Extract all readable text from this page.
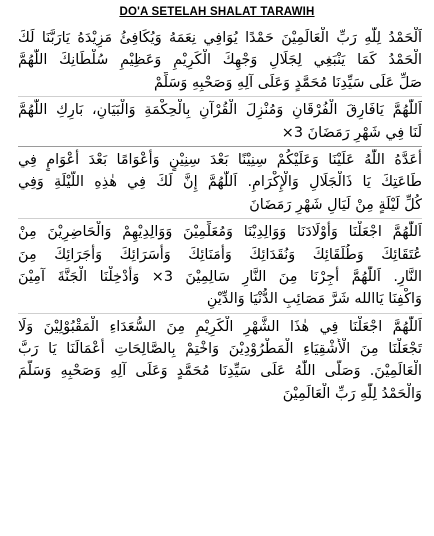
DO'A SETELAH SHALAT TARAWIH
اَلْحَمْدُ لِلّٰهِ رَبِّ الْعَالَمِيْنَ حَمْدًا يُوَافِي نِعَمَهُ وَيُكَافِئُ مَزِيْدَهُ يَارَبَّنَا لَكَ
الْحَمْدُ كَمَا يَنْبَغِي لِجَلَالِ وَجْهِكَ الْكَرِيْمِ وَعَظِيْمِ سُلْطَانِكَ اللّٰهُمَّ
صَلِّ عَلَى سَيِّدِنَا مُحَمَّدٍ وَعَلَى آلِهِ وَصَحْبِهِ وَسَلِّمْ
اَللّٰهُمَّ يَافَارِقَ الْفُرْقَانِ وَمُنْزِلَ الْقُرْآنِ بِالْحِكْمَةِ وَالْبَيَانِ، بَارِكِ اللّٰهُمَّ
لَنَا فِي شَهْرِ رَمَضَانَ 3×
أَعَدَّهُ اللّٰهُ عَلَيْنَا وَعَلَيْكُمْ سِنِيْنًا بَعْدَ سِنِيْنٍ وَأَعْوَامًا بَعْدَ أَعْوَامٍ فِي
طَاعَتِكَ يَا ذَالْجَلَالِ وَالْإِكْرَامِ. اَللّٰهُمَّ إِنَّ لَكَ فِي هٰذِهِ اللَّيْلَةِ وَفِي
كُلِّ لَيْلَةٍ مِنْ لَيَالِ شَهْرِ رَمَضَانَ
اَللّٰهُمَّ اجْعَلْنَا وَأَوْلَادَنَا وَوَالِدِيْنَا وَمُعَلِّمِيْنَ وَوَالِدِيْهِمْ وَالْحَاضِرِيْنَ مِنْ
عُتَقَائِكَ وَطُلَقَائِكَ وَنُقَدَائِكَ وَأُمَنَائِكَ وَأُسَرَائِكَ وَأُجَرَائِكَ مِنَ
النَّارِ. اَللّٰهُمَّ أَجِرْنَا مِنَ النَّارِ سَالِمِيْنَ 3× وَأَدْخِلْنَا الْجَنَّةَ آمِيْنَ
وَاكْفِنَا يَاالله شَرَّ مَصَائِبِ الدُّنْيَا وَالدِّيْنِ
اَللّٰهُمَّ اجْعَلْنَا فِي هٰذَا الشَّهْرِ الْكَرِيْمِ مِنَ السُّعَدَاءِ الْمَقْبُوْلِيْنَ وَلَا
تَجْعَلْنَا مِنَ الْأَشْقِيَاءِ الْمَطْرُوْدِيْنَ وَاخْتِمْ بِالصَّالِحَاتِ أَعْمَالَنَا يَا رَبَّ
الْعَالَمِيْنَ. وَصَلَّى اللّٰهُ عَلَى سَيِّدِنَا مُحَمَّدٍ وَعَلَى آلِهِ وَصَحْبِهِ وَسَلَّمَ
وَالْحَمْدُ لِلّٰهِ رَبِّ الْعَالَمِيْنَ
